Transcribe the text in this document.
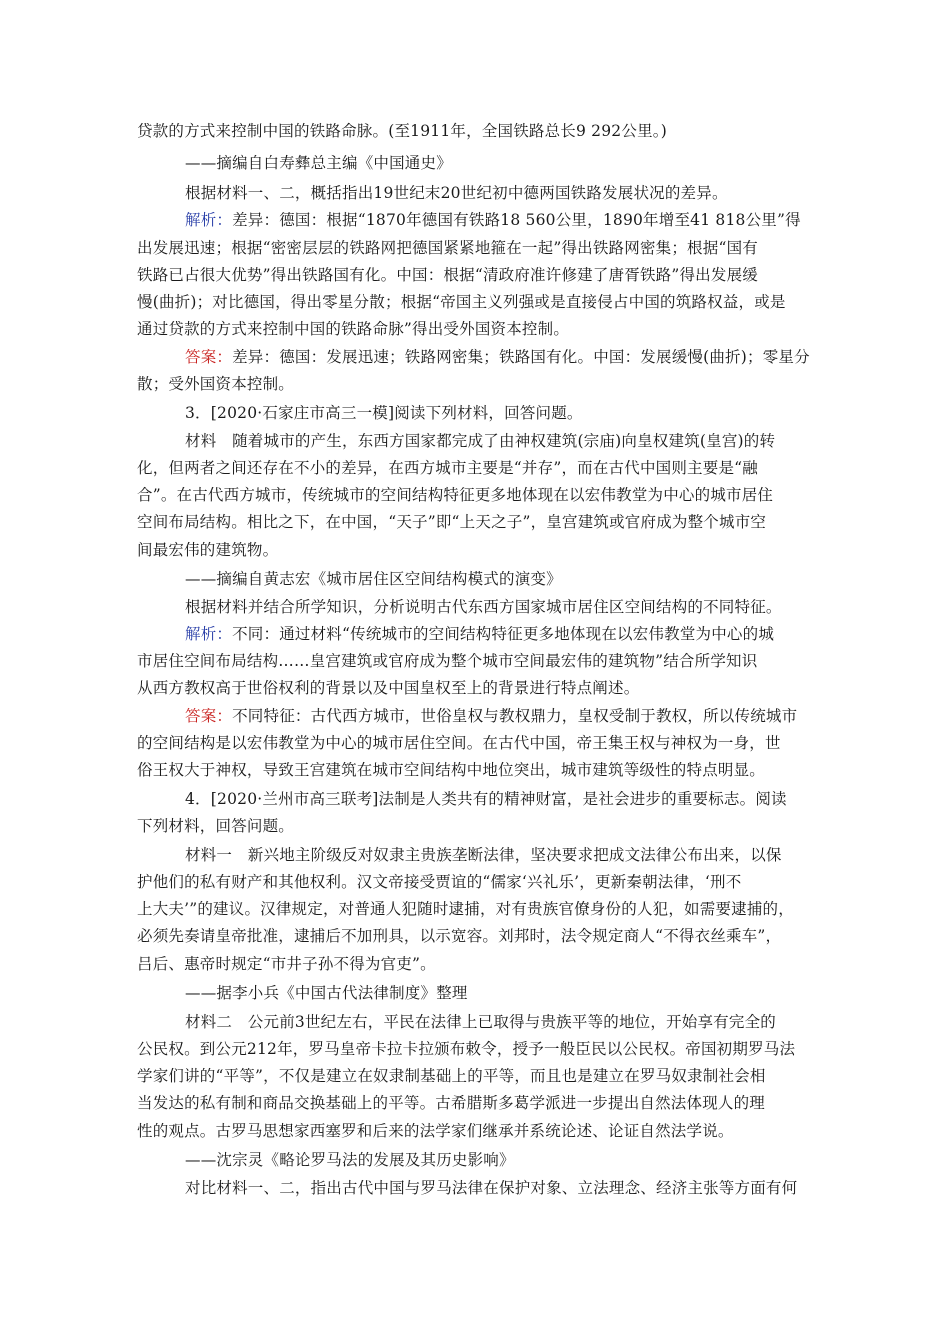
贷款的方式来控制中国的铁路命脉。(至1911年，全国铁路总长9 292公里。)
——摘编自白寿彝总主编《中国通史》
根据材料一、二，概括指出19世纪末20世纪初中德两国铁路发展状况的差异。
解析：差异：德国：根据“1870年德国有铁路18 560公里，1890年增至41 818公里”得
出发展迅速；根据“密密层层的铁路网把德国紧紧地箍在一起”得出铁路网密集；根据“国有
铁路已占很大优势”得出铁路国有化。中国：根据“清政府准许修建了唐胥铁路”得出发展缓
慢(曲折)；对比德国，得出零星分散；根据“帝国主义列强或是直接侵占中国的筑路权益，或是
通过贷款的方式来控制中国的铁路命脉”得出受外国资本控制。
答案：差异：德国：发展迅速；铁路网密集；铁路国有化。中国：发展缓慢(曲折)；零星分
散；受外国资本控制。
3．[2020·石家庄市高三一模]阅读下列材料，回答问题。
材料　随着城市的产生，东西方国家都完成了由神权建筑(宗庙)向皇权建筑(皇宫)的转
化，但两者之间还存在不小的差异，在西方城市主要是“并存”，而在古代中国则主要是“融
合”。在古代西方城市，传统城市的空间结构特征更多地体现在以宏伟教堂为中心的城市居住
空间布局结构。相比之下，在中国，“天子”即“上天之子”，皇宫建筑或官府成为整个城市空
间最宏伟的建筑物。
——摘编自黄志宏《城市居住区空间结构模式的演变》
根据材料并结合所学知识，分析说明古代东西方国家城市居住区空间结构的不同特征。
解析：不同：通过材料“传统城市的空间结构特征更多地体现在以宏伟教堂为中心的城
市居住空间布局结构……皇宫建筑或官府成为整个城市空间最宏伟的建筑物”结合所学知识
从西方教权高于世俗权利的背景以及中国皇权至上的背景进行特点阐述。
答案：不同特征：古代西方城市，世俗皇权与教权鼎力，皇权受制于教权，所以传统城市
的空间结构是以宏伟教堂为中心的城市居住空间。在古代中国，帝王集王权与神权为一身，世
俗王权大于神权，导致王宫建筑在城市空间结构中地位突出，城市建筑等级性的特点明显。
4．[2020·兰州市高三联考]法制是人类共有的精神财富，是社会进步的重要标志。阅读
下列材料，回答问题。
材料一　新兴地主阶级反对奴隶主贵族垄断法律，坚决要求把成文法律公布出来，以保
护他们的私有财产和其他权利。汉文帝接受贾谊的“儒家‘兴礼乐’，更新秦朝法律，‘刑不
上大夫’”的建议。汉律规定，对普通人犯随时逮捕，对有贵族官僚身份的人犯，如需要逮捕的，
必须先奏请皇帝批准，逮捕后不加刑具，以示宽容。刘邦时，法令规定商人“不得衣丝乘车”，
吕后、惠帝时规定“市井子孙不得为官吏”。
——据李小兵《中国古代法律制度》整理
材料二　公元前3世纪左右，平民在法律上已取得与贵族平等的地位，开始享有完全的
公民权。到公元212年，罗马皇帝卡拉卡拉颁布敕令，授予一般臣民以公民权。帝国初期罗马法
学家们讲的“平等”，不仅是建立在奴隶制基础上的平等，而且也是建立在罗马奴隶制社会相
当发达的私有制和商品交换基础上的平等。古希腊斯多葛学派进一步提出自然法体现人的理
性的观点。古罗马思想家西塞罗和后来的法学家们继承并系统论述、论证自然法学说。
——沈宗灵《略论罗马法的发展及其历史影响》
对比材料一、二，指出古代中国与罗马法律在保护对象、立法理念、经济主张等方面有何
